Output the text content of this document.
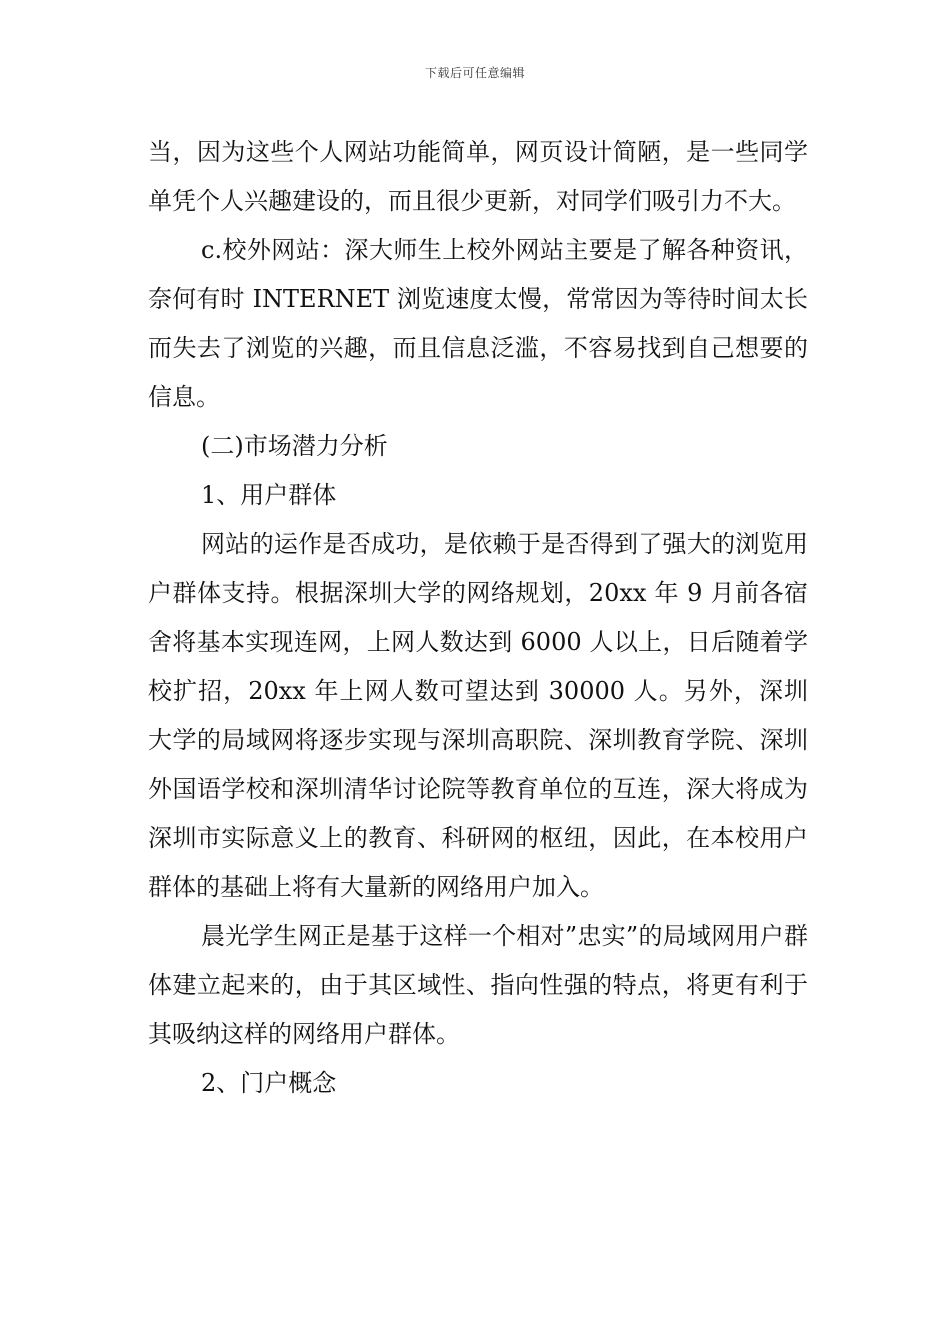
下载后可任意编辑

当，因为这些个人网站功能简单，网页设计简陋，是一些同学单凭个人兴趣建设的，而且很少更新，对同学们吸引力不大。

c.校外网站：深大师生上校外网站主要是了解各种资讯，奈何有时 INTERNET 浏览速度太慢，常常因为等待时间太长而失去了浏览的兴趣，而且信息泛滥，不容易找到自己想要的信息。

(二)市场潜力分析

1、用户群体

网站的运作是否成功，是依赖于是否得到了强大的浏览用户群体支持。根据深圳大学的网络规划，20xx 年 9 月前各宿舍将基本实现连网，上网人数达到 6000 人以上，日后随着学校扩招，20xx 年上网人数可望达到 30000 人。另外，深圳大学的局域网将逐步实现与深圳高职院、深圳教育学院、深圳外国语学校和深圳清华讨论院等教育单位的互连，深大将成为深圳市实际意义上的教育、科研网的枢纽，因此，在本校用户群体的基础上将有大量新的网络用户加入。

晨光学生网正是基于这样一个相对”忠实”的局域网用户群体建立起来的，由于其区域性、指向性强的特点，将更有利于其吸纳这样的网络用户群体。

2、门户概念
